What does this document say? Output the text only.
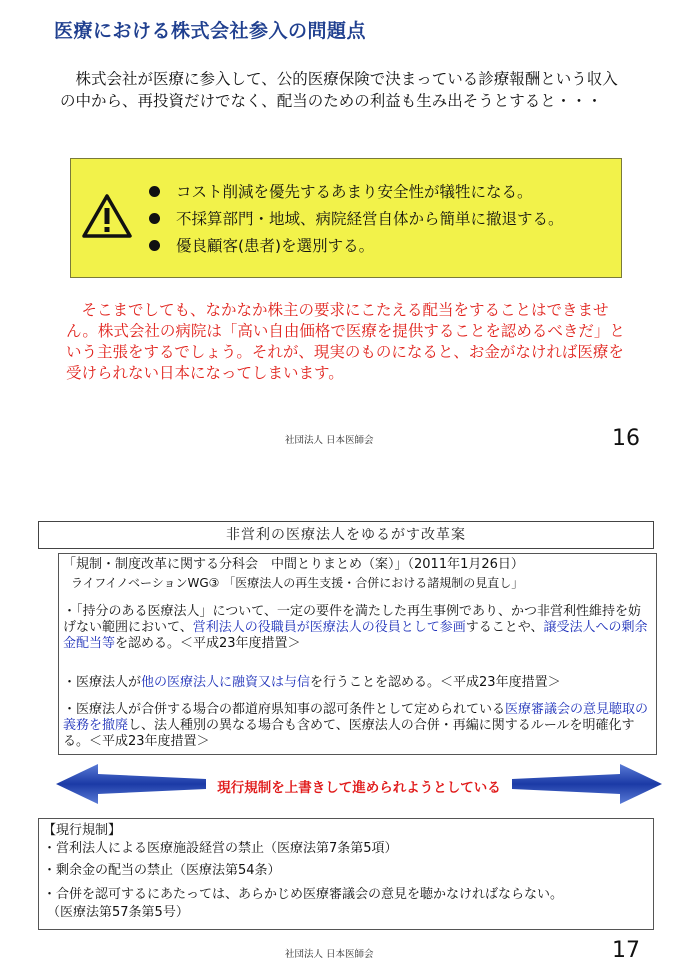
医療における株式会社参入の問題点
　株式会社が医療に参入して、公的医療保険で決まっている診療報酬という収入の中から、再投資だけでなく、配当のための利益も生み出そうとすると・・・
コスト削減を優先するあまり安全性が犠牲になる。
不採算部門・地域、病院経営自体から簡単に撤退する。
優良顧客(患者)を選別する。
　そこまでしても、なかなか株主の要求にこたえる配当をすることはできません。株式会社の病院は「高い自由価格で医療を提供することを認めるべきだ」という主張をするでしょう。それが、現実のものになると、お金がなければ医療を受けられない日本になってしまいます。
社団法人 日本医師会	16
非営利の医療法人をゆるがす改革案
「規制・制度改革に関する分科会　中間とりまとめ（案）」（2011年1月26日）
ライフイノベーションWG③ 「医療法人の再生支援・合併における諸規制の見直し」
・「持分のある医療法人」について、一定の要件を満たした再生事例であり、かつ非営利性維持を妨げない範囲において、営利法人の役職員が医療法人の役員として参画することや、譲受法人への剰余金配当等を認める。＜平成23年度措置＞
・医療法人が他の医療法人に融資又は与信を行うことを認める。＜平成23年度措置＞
・医療法人が合併する場合の都道府県知事の認可条件として定められている医療審議会の意見聴取の義務を撤廃し、法人種別の異なる場合も含めて、医療法人の合併・再編に関するルールを明確化する。＜平成23年度措置＞
現行規制を上書きして進められようとしている
【現行規制】
・営利法人による医療施設経営の禁止（医療法第7条第5項）
・剰余金の配当の禁止（医療法第54条）
・合併を認可するにあたっては、あらかじめ医療審議会の意見を聴かなければならない。
（医療法第57条第5号）
社団法人 日本医師会	17
